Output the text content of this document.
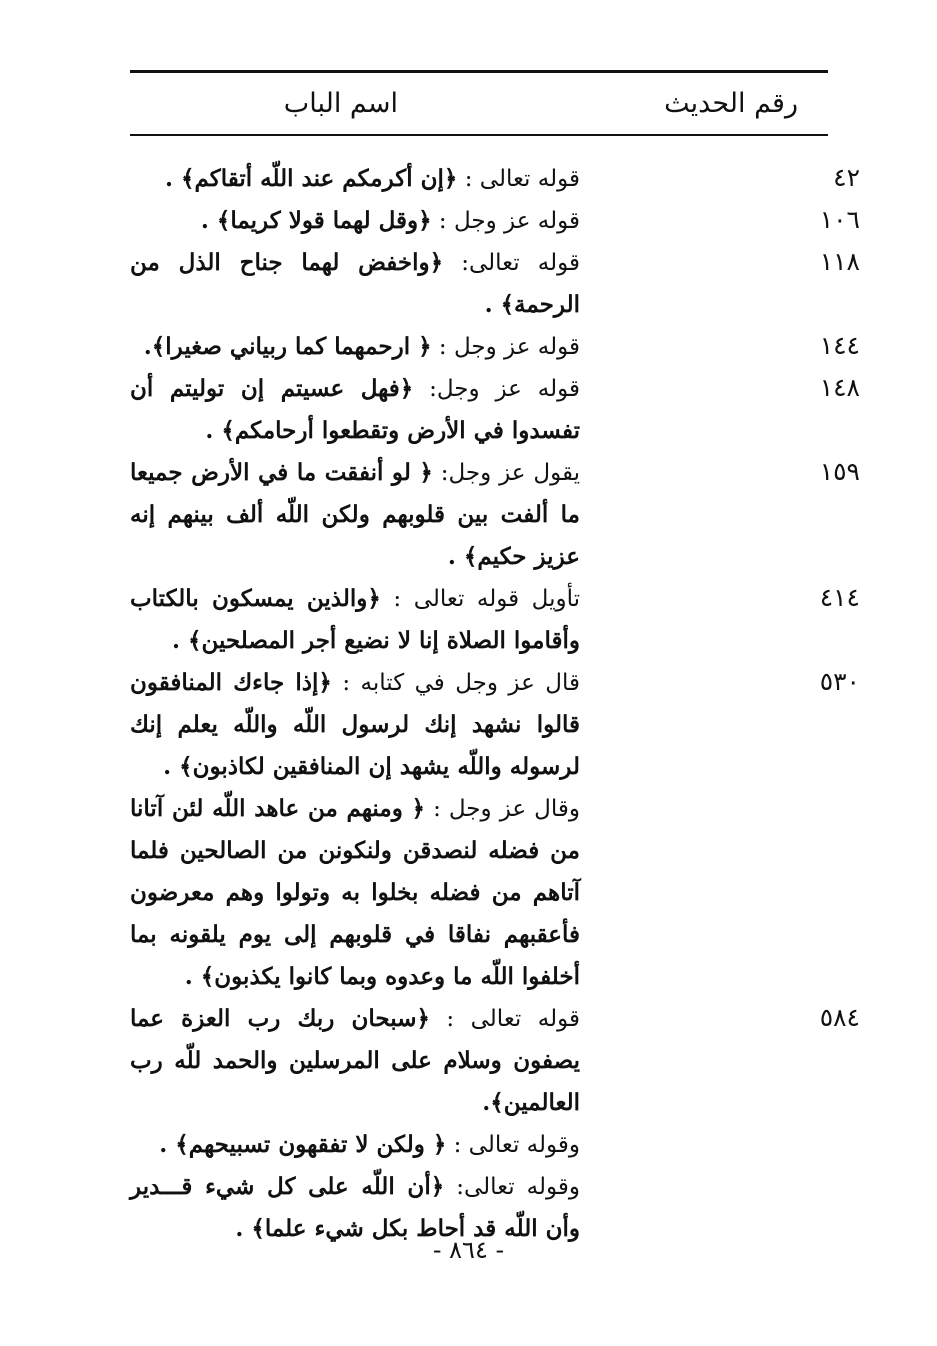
رقم الحديث
اسم الباب
٤٢
قوله تعالى : ﴿إن أكرمكم عند اللّه أتقاكم﴾ .
١٠٦
قوله عز وجل : ﴿وقل لهما قولا كريما﴾ .
١١٨
قوله تعالى: ﴿واخفض لهما جناح الذل من الرحمة﴾ .
١٤٤
قوله عز وجل : ﴿ ارحمهما كما ربياني صغيرا﴾.
١٤٨
قوله عز وجل: ﴿فهل عسيتم إن توليتم أن تفسدوا في الأرض وتقطعوا أرحامكم﴾ .
١٥٩
يقول عز وجل: ﴿ لو أنفقت ما في الأرض جميعا ما ألفت بين قلوبهم ولكن اللّه ألف بينهم إنه عزيز حكيم﴾ .
٤١٤
تأويل قوله تعالى : ﴿والذين يمسكون بالكتاب وأقاموا الصلاة إنا لا نضيع أجر المصلحين﴾ .
٥٣٠
قال عز وجل في كتابه : ﴿إذا جاءك المنافقون قالوا نشهد إنك لرسول اللّه واللّه يعلم إنك لرسوله واللّه يشهد إن المنافقين لكاذبون﴾ .
وقال عز وجل : ﴿ ومنهم من عاهد اللّه لئن آتانا من فضله لنصدقن ولنكونن من الصالحين فلما آتاهم من فضله بخلوا به وتولوا وهم معرضون فأعقبهم نفاقا في قلوبهم إلى يوم يلقونه بما أخلفوا اللّه ما وعدوه وبما كانوا يكذبون﴾ .
٥٨٤
قوله تعالى : ﴿سبحان ربك رب العزة عما يصفون وسلام على المرسلين والحمد للّه رب العالمين﴾.
وقوله تعالى : ﴿ ولكن لا تفقهون تسبيحهم﴾ .
وقوله تعالى: ﴿أن اللّه على كل شيء قـــدير وأن اللّه قد أحاط بكل شيء علما﴾ .
- ٨٦٤ -
